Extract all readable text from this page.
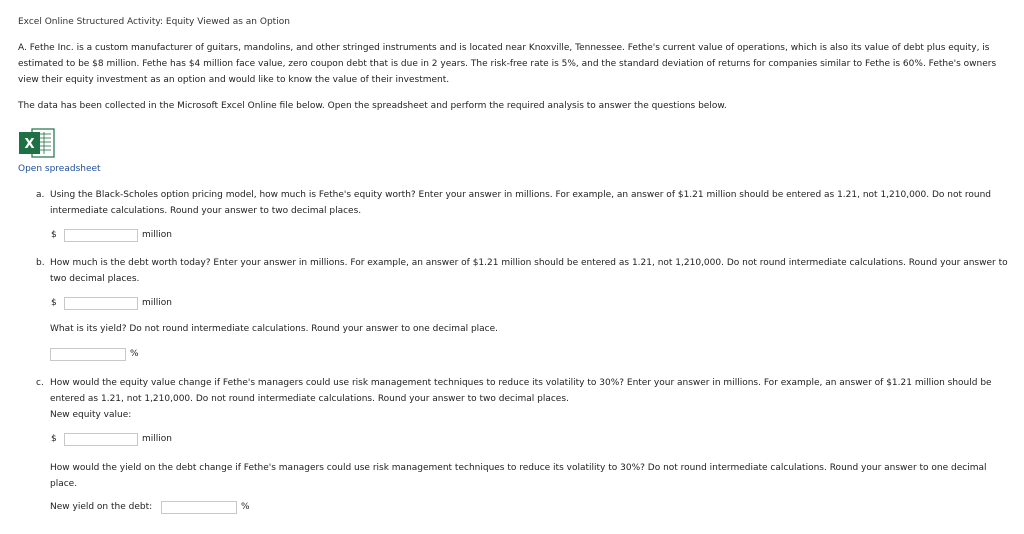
Excel Online Structured Activity: Equity Viewed as an Option
A. Fethe Inc. is a custom manufacturer of guitars, mandolins, and other stringed instruments and is located near Knoxville, Tennessee. Fethe's current value of operations, which is also its value of debt plus equity, is estimated to be $8 million. Fethe has $4 million face value, zero coupon debt that is due in 2 years. The risk-free rate is 5%, and the standard deviation of returns for companies similar to Fethe is 60%. Fethe's owners view their equity investment as an option and would like to know the value of their investment.
The data has been collected in the Microsoft Excel Online file below. Open the spreadsheet and perform the required analysis to answer the questions below.
X
Open spreadsheet
a. Using the Black-Scholes option pricing model, how much is Fethe's equity worth? Enter your answer in millions. For example, an answer of $1.21 million should be entered as 1.21, not 1,210,000. Do not round intermediate calculations. Round your answer to two decimal places.
$	million
b. How much is the debt worth today? Enter your answer in millions. For example, an answer of $1.21 million should be entered as 1.21, not 1,210,000. Do not round intermediate calculations. Round your answer to two decimal places.
$	million
What is its yield? Do not round intermediate calculations. Round your answer to one decimal place.
%
c. How would the equity value change if Fethe's managers could use risk management techniques to reduce its volatility to 30%? Enter your answer in millions. For example, an answer of $1.21 million should be entered as 1.21, not 1,210,000. Do not round intermediate calculations. Round your answer to two decimal places.
New equity value:
$	million
How would the yield on the debt change if Fethe's managers could use risk management techniques to reduce its volatility to 30%? Do not round intermediate calculations. Round your answer to one decimal place.
New yield on the debt:	%
